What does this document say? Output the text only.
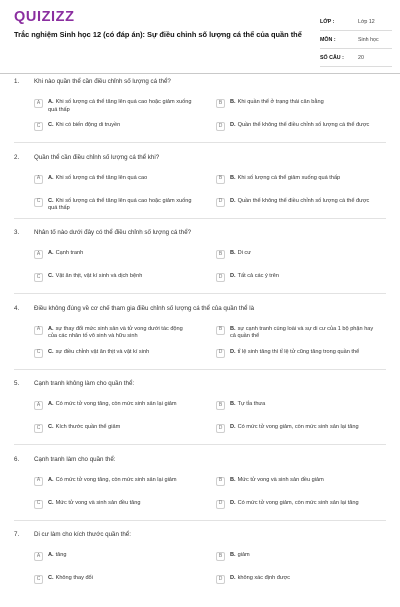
QUIZIZZ
Trắc nghiệm Sinh học 12 (có đáp án): Sự điều chỉnh số lượng cá thể của quần thể
LỚP :	Lớp 12
MÔN :	Sinh học
SỐ CÂU :	20
1. Khi nào quần thể cần điều chỉnh số lượng cá thể?
A	A. Khi số lượng cá thể tăng lên quá cao hoặc giảm xuống quá thấp
B	B. Khi quần thể ở trạng thái cân bằng
C	C. Khi có biến động di truyền	D	D. Quần thể không thể điều chỉnh số lượng cá thể được
2. Quần thể cần điều chỉnh số lượng cá thể khi?
A	A. Khi số lượng cá thể tăng lên quá cao	B	B. Khi số lượng cá thể giảm xuống quá thấp
C	C. Khi số lượng cá thể tăng lên quá cao hoặc giảm xuống quá thấp
D	D. Quần thể không thể điều chỉnh số lượng cá thể được
3. Nhân tố nào dưới đây có thể điều chỉnh số lượng cá thể?
A	A. Cạnh tranh	B	B. Di cư
C	C. Vật ăn thịt, vật kí sinh và dịch bệnh	D	D. Tất cả các ý trên
4. Điều không đúng về cơ chế tham gia điều chỉnh số lượng cá thể của quần thể là
A	A. sự thay đổi mức sinh sản và tử vong dưới tác động của các nhân tố vô sinh và hữu sinh
B	B. sự cạnh tranh cùng loài và sự di cư của 1 bộ phận hay cả quần thể
C	C. sự điều chỉnh vật ăn thịt và vật kí sinh	D	D. tỉ lệ sinh tăng thì tỉ lệ tử cũng tăng trong quần thể
5. Cạnh tranh không làm cho quần thể:
A	A. Có mức tử vong tăng, còn mức sinh sản lại giảm	B	B. Tự tỉa thưa
C	C. Kích thước quần thể giảm	D	D. Có mức tử vong giảm, còn mức sinh sản lại tăng
6. Cạnh tranh làm cho quần thể:
A	A. Có mức tử vong tăng, còn mức sinh sản lại giảm	B	B. Mức tử vong và sinh sản đều giảm
C	C. Mức tử vong và sinh sản đều tăng	D	D. Có mức tử vong giảm, còn mức sinh sản lại tăng
7. Di cư làm cho kích thước quần thể:
A	A. tăng	B	B. giảm
C	C. Không thay đổi	D	D. không xác định được
